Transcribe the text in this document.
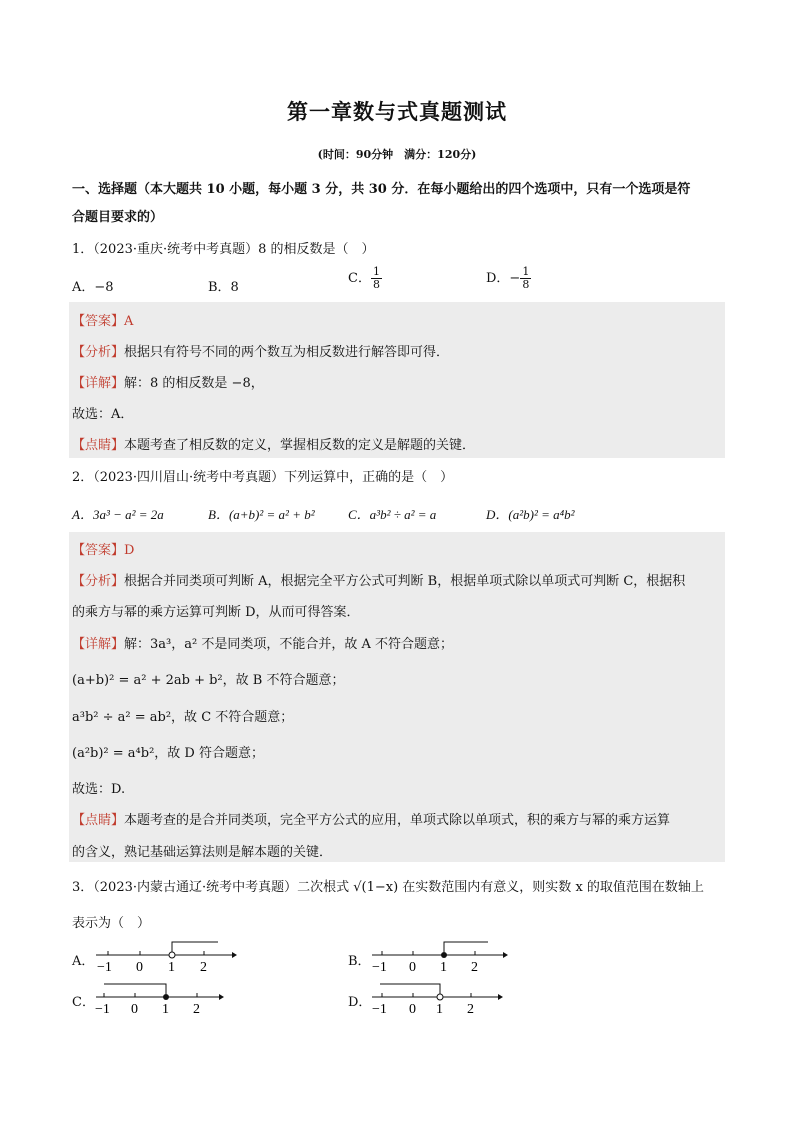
第一章数与式真题测试
(时间：90分钟　满分：120分)
一、选择题（本大题共 10 小题，每小题 3 分，共 30 分．在每小题给出的四个选项中，只有一个选项是符
合题目要求的）
1．（2023·重庆·统考中考真题）8 的相反数是（　）
A．−8	B．8
C． $\frac{1}{8}$	D．− $\frac{1}{8}$
【答案】A
【分析】根据只有符号不同的两个数互为相反数进行解答即可得．
【详解】解：8 的相反数是 −8，
故选：A．
【点睛】本题考查了相反数的定义，掌握相反数的定义是解题的关键．
2．（2023·四川眉山·统考中考真题）下列运算中，正确的是（　）
A．3a³ − a² = 2a	B．(a+b)² = a² + b²	C．a³b² ÷ a² = a	D．(a²b)² = a⁴b²
【答案】D
【分析】根据合并同类项可判断 A，根据完全平方公式可判断 B，根据单项式除以单项式可判断 C，根据积
的乘方与幂的乘方运算可判断 D，从而可得答案．
【详解】解：3a³，a² 不是同类项，不能合并，故 A 不符合题意；
(a+b)² = a² + 2ab + b²，故 B 不符合题意；
a³b² ÷ a² = ab²，故 C 不符合题意；
(a²b)² = a⁴b²，故 D 符合题意；
故选：D.
【点睛】本题考查的是合并同类项，完全平方公式的应用，单项式除以单项式，积的乘方与幂的乘方运算
的含义，熟记基础运算法则是解本题的关键．
3．（2023·内蒙古通辽·统考中考真题）二次根式 √(1−x) 在实数范围内有意义，则实数 x 的取值范围在数轴上
表示为（　）
A．	B．
C．	D．
−1 0 1 2	−1 0 1 2
−1 0 1 2	−1 0 1 2
